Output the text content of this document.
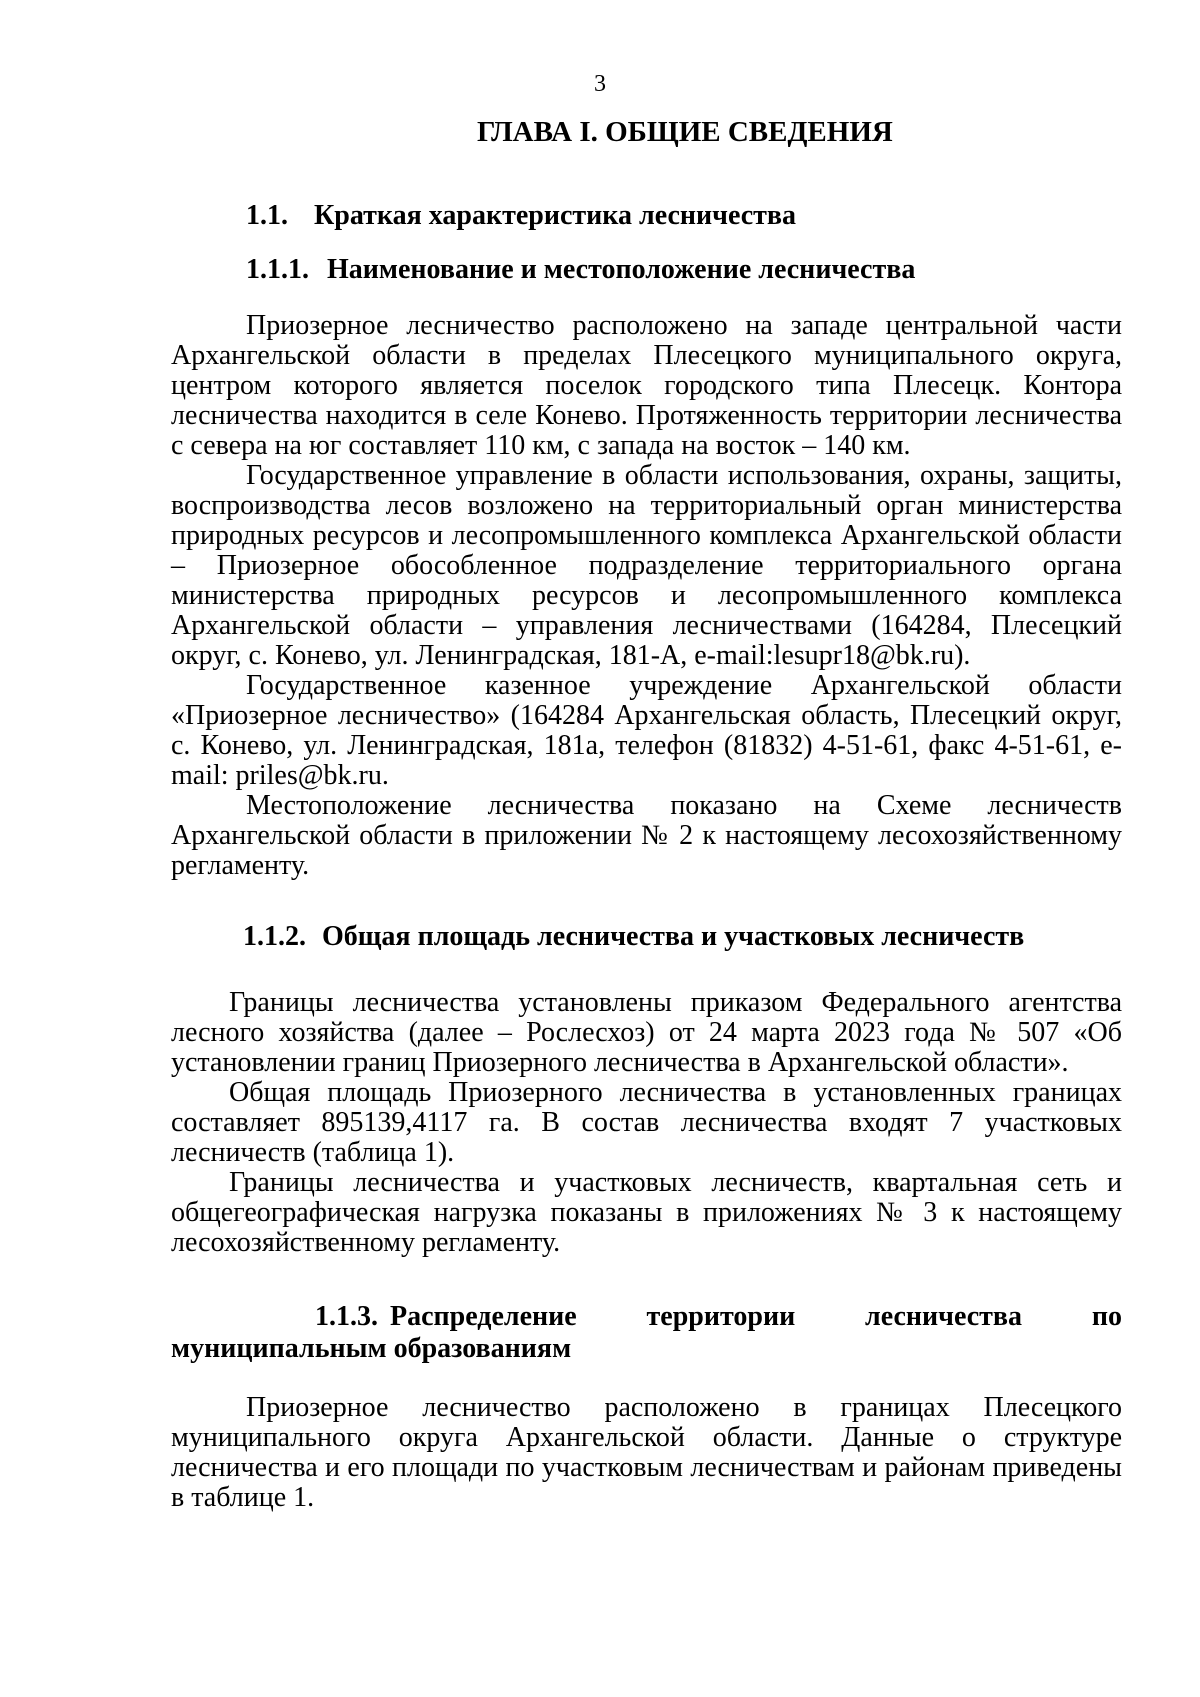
3

ГЛАВА I. ОБЩИЕ СВЕДЕНИЯ
1.1. Краткая характеристика лесничества
1.1.1. Наименование и местоположение лесничества

Приозерное лесничество расположено на западе центральной части Архангельской области в пределах Плесецкого муниципального округа, центром которого является поселок городского типа Плесецк. Контора лесничества находится в селе Конево. Протяженность территории лесничества с севера на юг составляет 110 км, с запада на восток – 140 км.

Государственное управление в области использования, охраны, защиты, воспроизводства лесов возложено на территориальный орган министерства природных ресурсов и лесопромышленного комплекса Архангельской области – Приозерное обособленное подразделение территориального органа министерства природных ресурсов и лесопромышленного комплекса Архангельской области – управления лесничествами (164284, Плесецкий округ, с. Конево, ул. Ленинградская, 181-А, e-mail:lesupr18@bk.ru).

Государственное казенное учреждение Архангельской области «Приозерное лесничество» (164284 Архангельская область, Плесецкий округ, с. Конево, ул. Ленинградская, 181а, телефон (81832) 4-51-61, факс 4-51-61, e-mail: priles@bk.ru.

Местоположение лесничества показано на Схеме лесничеств Архангельской области в приложении № 2 к настоящему лесохозяйственному регламенту.

1.1.2. Общая площадь лесничества и участковых лесничеств

Границы лесничества установлены приказом Федерального агентства лесного хозяйства (далее – Рослесхоз) от 24 марта 2023 года № 507 «Об установлении границ Приозерного лесничества в Архангельской области».

Общая площадь Приозерного лесничества в установленных границах составляет 895139,4117 га. В состав лесничества входят 7 участковых лесничеств (таблица 1).

Границы лесничества и участковых лесничеств, квартальная сеть и общегеографическая нагрузка показаны в приложениях № 3 к настоящему лесохозяйственному регламенту.

1.1.3. Распределение территории лесничества по муниципальным образованиям

Приозерное лесничество расположено в границах Плесецкого муниципального округа Архангельской области. Данные о структуре лесничества и его площади по участковым лесничествам и районам приведены в таблице 1.
